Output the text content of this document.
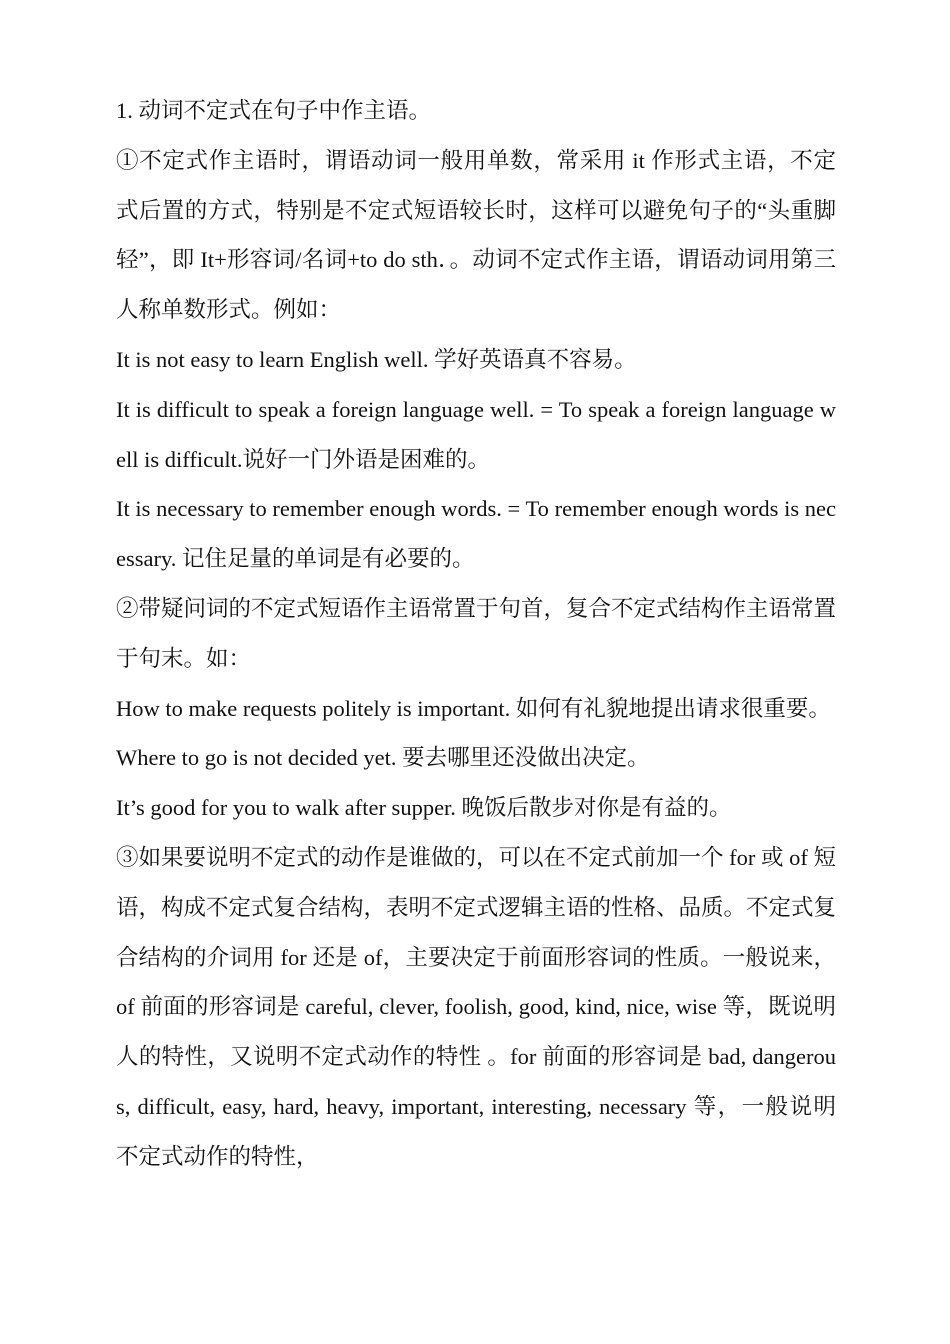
1. 动词不定式在句子中作主语。

①不定式作主语时，谓语动词一般用单数，常采用 it 作形式主语，不定式后置的方式，特别是不定式短语较长时，这样可以避免句子的“头重脚轻”，即 It+形容词/名词+to do sth．。动词不定式作主语，谓语动词用第三人称单数形式。例如：

It is not easy to learn English well. 学好英语真不容易。

It is difficult to speak a foreign language well. = To speak a foreign language well is difficult.说好一门外语是困难的。

It is necessary to remember enough words. = To remember enough words is necessary. 记住足量的单词是有必要的。

②带疑问词的不定式短语作主语常置于句首，复合不定式结构作主语常置于句末。如：

How to make requests politely is important. 如何有礼貌地提出请求很重要。

Where to go is not decided yet. 要去哪里还没做出决定。

It’s good for you to walk after supper. 晚饭后散步对你是有益的。

③如果要说明不定式的动作是谁做的，可以在不定式前加一个 for 或 of 短语，构成不定式复合结构，表明不定式逻辑主语的性格、品质。不定式复合结构的介词用 for 还是 of，主要决定于前面形容词的性质。一般说来，of 前面的形容词是 careful, clever, foolish, good, kind, nice, wise 等，既说明人的特性，又说明不定式动作的特性 。for 前面的形容词是 bad, dangerous, difficult, easy, hard, heavy, important, interesting, necessary 等，一般说明不定式动作的特性，
